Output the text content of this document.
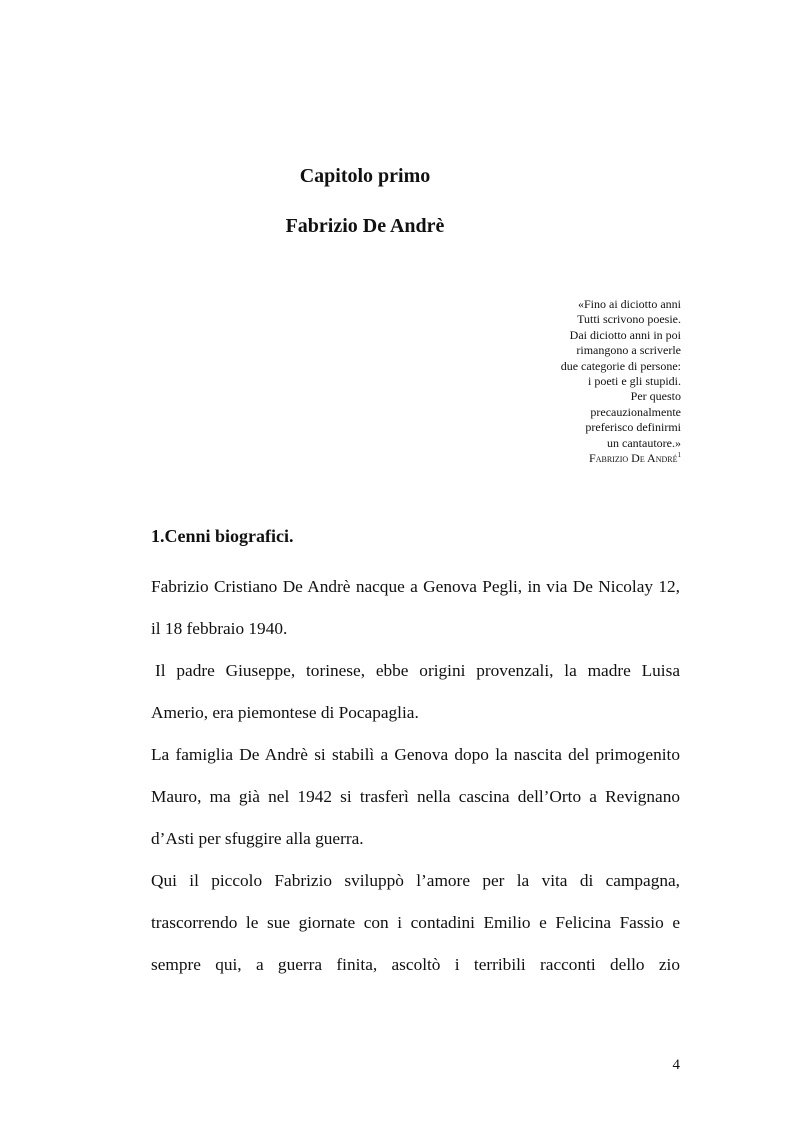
Capitolo primo
Fabrizio De Andrè
«Fino ai diciotto anni
Tutti scrivono poesie.
Dai diciotto anni in poi
rimangono a scriverle
due categorie di persone:
i poeti e gli stupidi.
Per questo
precauzionalmente
preferisco definirmi
un cantautore.»
Fabrizio De André$^1$
1.Cenni biografici.

Fabrizio Cristiano De Andrè nacque a Genova Pegli, in via De Nicolay 12, il 18 febbraio 1940.

Il padre Giuseppe, torinese, ebbe origini provenzali, la madre Luisa Amerio, era piemontese di Pocapaglia.

La famiglia De Andrè si stabilì a Genova dopo la nascita del primogenito Mauro, ma già nel 1942 si trasferì nella cascina dell’Orto a Revignano d’Asti per sfuggire alla guerra.

Qui il piccolo Fabrizio sviluppò l’amore per la vita di campagna, trascorrendo le sue giornate con i contadini Emilio e Felicina Fassio e sempre qui, a guerra finita, ascoltò i terribili racconti dello zio

4
